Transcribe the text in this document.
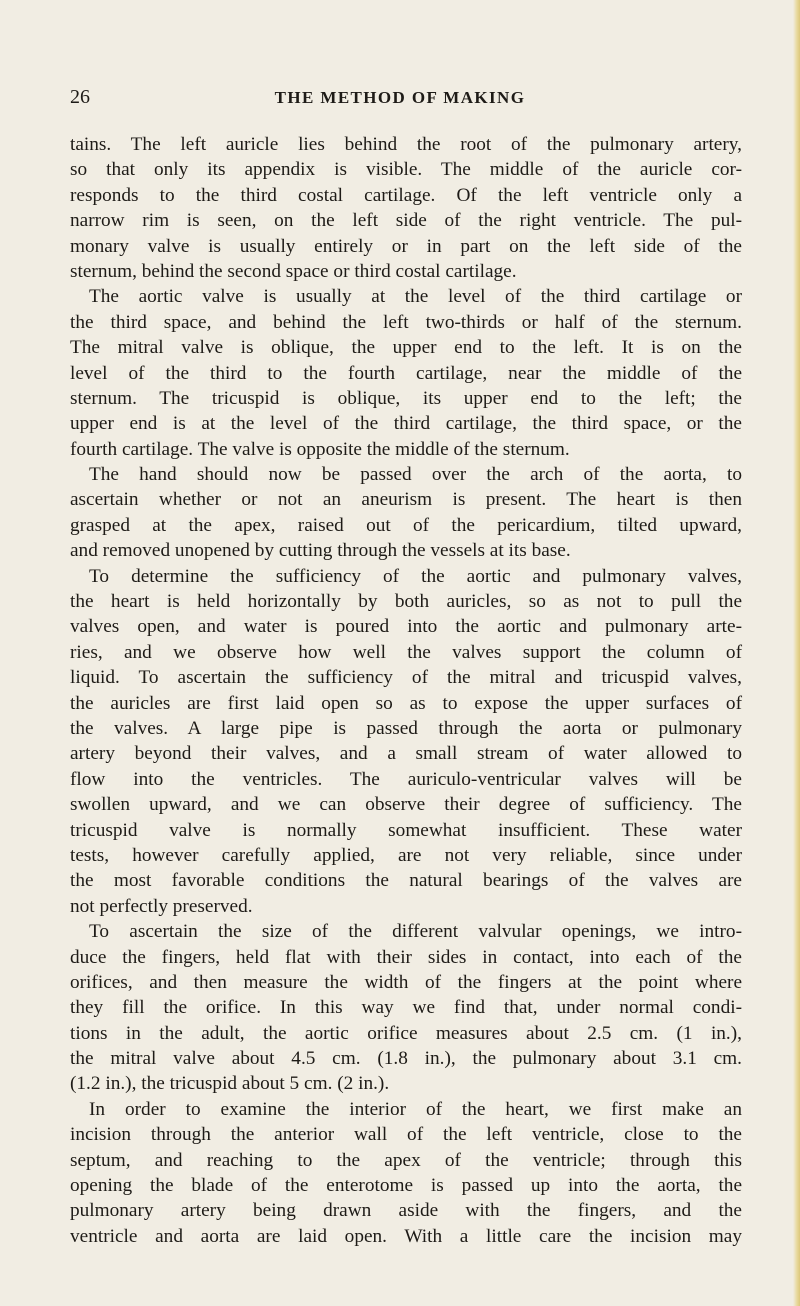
26	THE METHOD OF MAKING
tains. The left auricle lies behind the root of the pulmonary artery,
so that only its appendix is visible. The middle of the auricle cor-
responds to the third costal cartilage. Of the left ventricle only a
narrow rim is seen, on the left side of the right ventricle. The pul-
monary valve is usually entirely or in part on the left side of the
sternum, behind the second space or third costal cartilage.
The aortic valve is usually at the level of the third cartilage or
the third space, and behind the left two-thirds or half of the sternum.
The mitral valve is oblique, the upper end to the left. It is on the
level of the third to the fourth cartilage, near the middle of the
sternum. The tricuspid is oblique, its upper end to the left; the
upper end is at the level of the third cartilage, the third space, or the
fourth cartilage. The valve is opposite the middle of the sternum.
The hand should now be passed over the arch of the aorta, to
ascertain whether or not an aneurism is present. The heart is then
grasped at the apex, raised out of the pericardium, tilted upward,
and removed unopened by cutting through the vessels at its base.
To determine the sufficiency of the aortic and pulmonary valves,
the heart is held horizontally by both auricles, so as not to pull the
valves open, and water is poured into the aortic and pulmonary arte-
ries, and we observe how well the valves support the column of
liquid. To ascertain the sufficiency of the mitral and tricuspid valves,
the auricles are first laid open so as to expose the upper surfaces of
the valves. A large pipe is passed through the aorta or pulmonary
artery beyond their valves, and a small stream of water allowed to
flow into the ventricles. The auriculo-ventricular valves will be
swollen upward, and we can observe their degree of sufficiency. The
tricuspid valve is normally somewhat insufficient. These water
tests, however carefully applied, are not very reliable, since under
the most favorable conditions the natural bearings of the valves are
not perfectly preserved.
To ascertain the size of the different valvular openings, we intro-
duce the fingers, held flat with their sides in contact, into each of the
orifices, and then measure the width of the fingers at the point where
they fill the orifice. In this way we find that, under normal condi-
tions in the adult, the aortic orifice measures about 2.5 cm. (1 in.),
the mitral valve about 4.5 cm. (1.8 in.), the pulmonary about 3.1 cm.
(1.2 in.), the tricuspid about 5 cm. (2 in.).
In order to examine the interior of the heart, we first make an
incision through the anterior wall of the left ventricle, close to the
septum, and reaching to the apex of the ventricle; through this
opening the blade of the enterotome is passed up into the aorta, the
pulmonary artery being drawn aside with the fingers, and the
ventricle and aorta are laid open. With a little care the incision may
